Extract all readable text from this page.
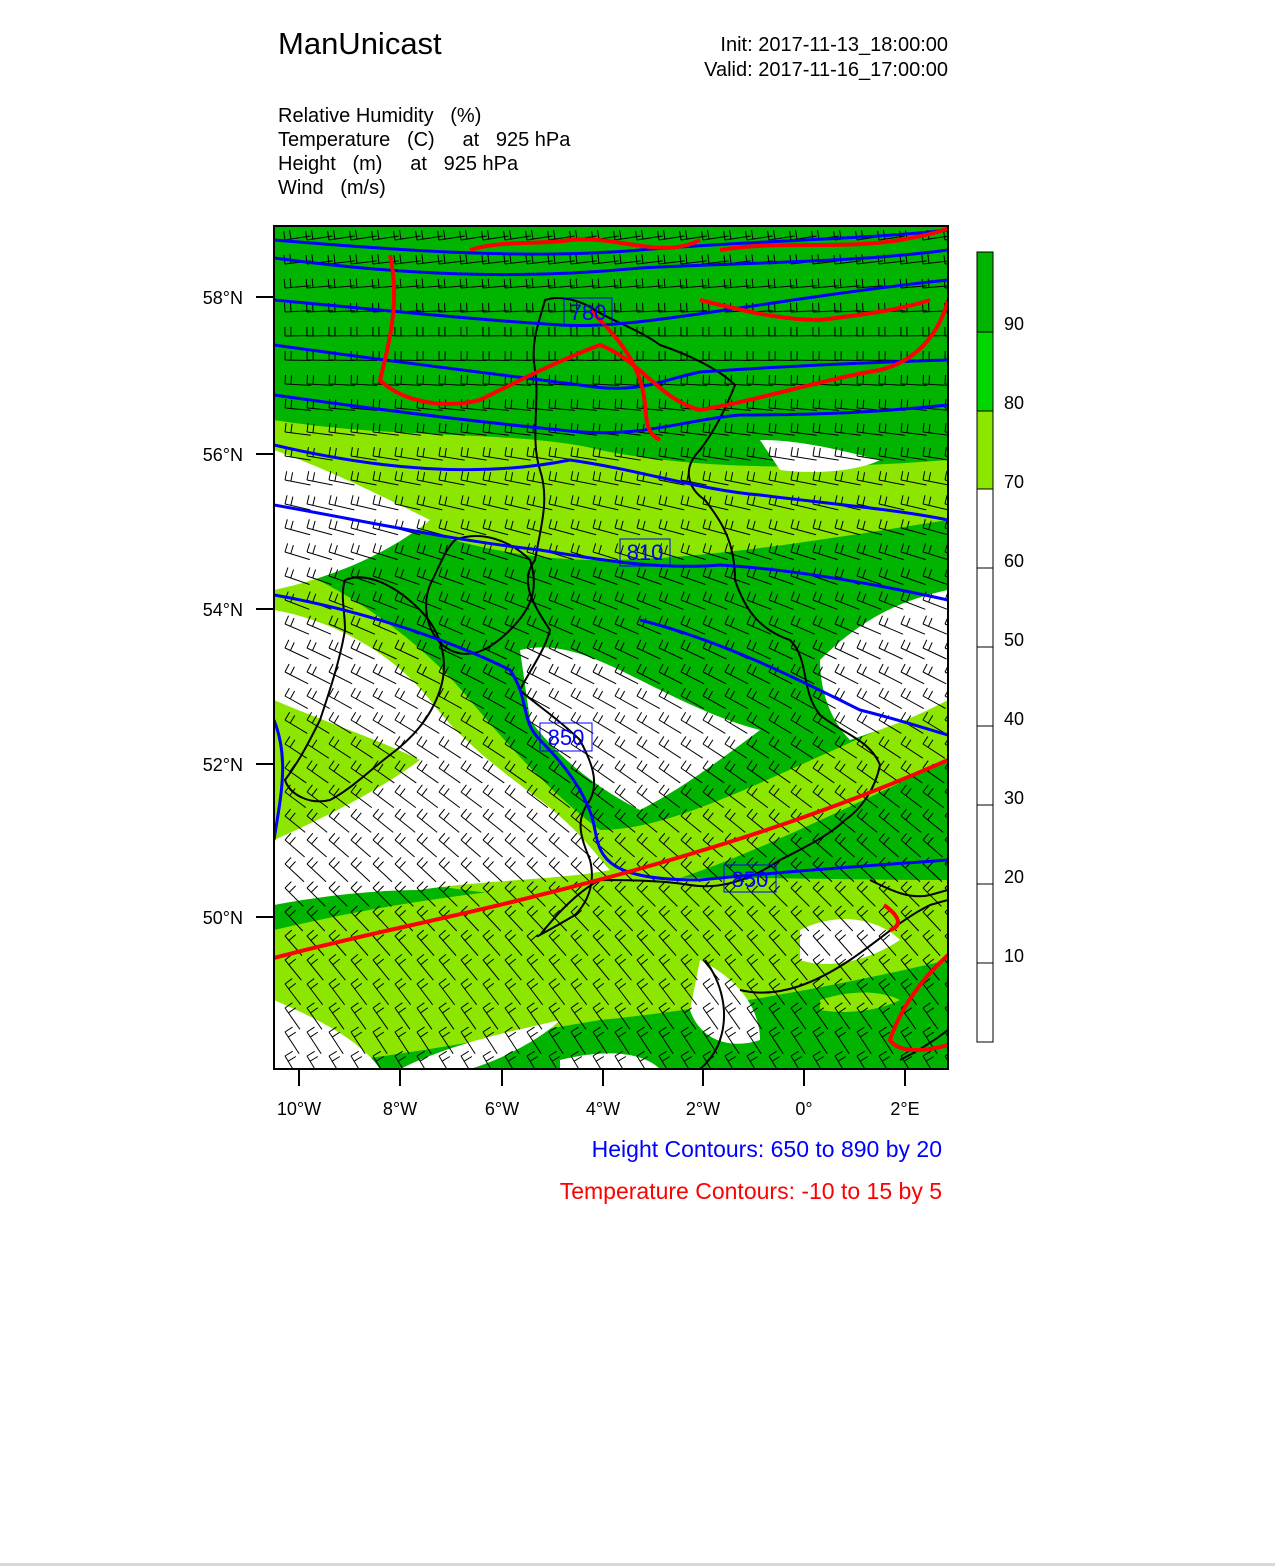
ManUnicast	Init: 2017-11-13_18:00:00
Valid: 2017-11-16_17:00:00
Relative Humidity   (%)
Temperature   (C)     at   925 hPa
Height   (m)     at   925 hPa
Wind   (m/s)
780
810
850
850
58°N
56°N
54°N
52°N
50°N
10°W	8°W	6°W	4°W	2°W	0°	2°E
90
80
70
60
50
40
30
20
10
Height Contours: 650 to 890 by 20
Temperature Contours: -10 to 15 by 5
